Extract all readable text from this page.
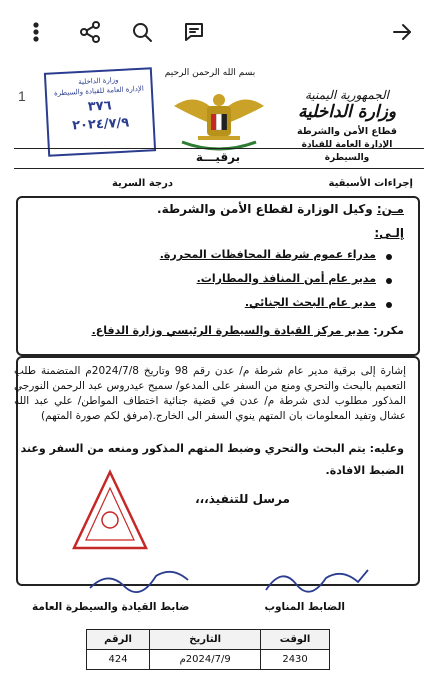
1	الجمهورية اليمنية
وزارة الداخلية
قطاع الأمن والشرطة
الإدارة العامة للقيادة والسيطرة
بسم الله الرحمن الرحيم
وزارة الداخلية
الإدارة العامة للقيادة والسيطرة
٣٧٦
٢٠٢٤/٧/٩
برقيـــة
إجراءات الأسبقية
درجة السرية
مـن: وكيل الوزارة لقطاع الأمن والشرطة.
إلـى:
مدراء عموم شرطة المحافظات المحررة.
مدير عام أمن المنافذ والمطارات.
مدير عام البحث الجنائي.
مكرر: مدير مركز القيادة والسيطرة الرئيسي وزارة الدفاع.
إشارة إلى برقية مدير عام شرطة م/ عدن رقم 98 وتاريخ 2024/7/8م المتضمنة طلب التعميم بالبحث والتحري ومنع من السفر على المدعو/ سميح عيدروس عبد الرحمن النورجي المذكور مطلوب لدى شرطة م/ عدن في قضية جنائية اختطاف المواطن/ علي عبد الله عشال وتفيد المعلومات بان المتهم ينوي السفر الى الخارج.(مرفق لكم صورة المتهم)
وعليه: يتم البحث والتحري وضبط المتهم المذكور ومنعه من السفر وعند
الضبط الافادة.
مرسل للتنفيذ،،،
الضابط المناوب
ضابط القيادة والسيطرة العامة
الوقت	التاريخ	الرقم
2430	2024/7/9م	424
